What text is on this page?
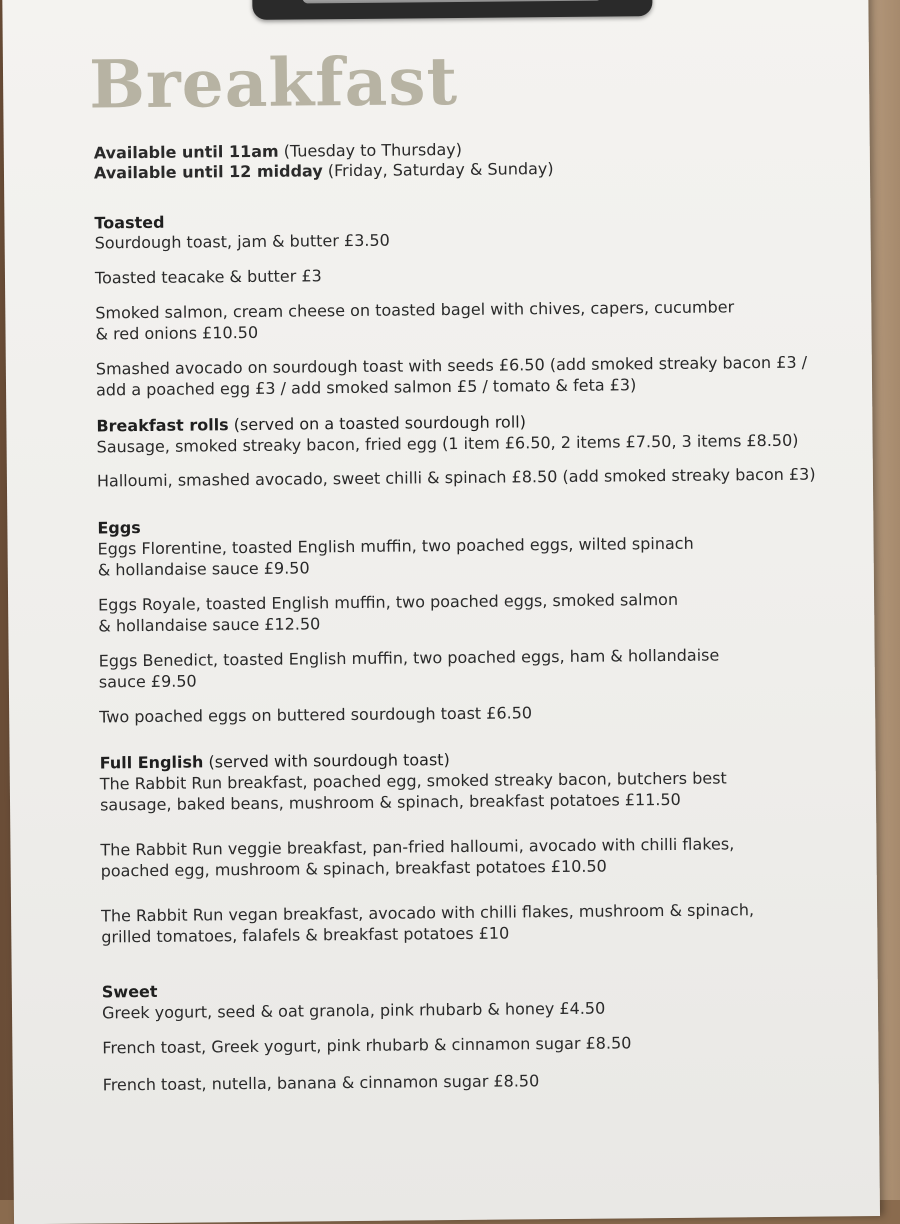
Breakfast
Available until 11am (Tuesday to Thursday)
Available until 12 midday (Friday, Saturday & Sunday)
Toasted
Sourdough toast, jam & butter £3.50
Toasted teacake & butter £3
Smoked salmon, cream cheese on toasted bagel with chives, capers, cucumber
& red onions £10.50
Smashed avocado on sourdough toast with seeds £6.50 (add smoked streaky bacon £3 /
add a poached egg £3 / add smoked salmon £5 / tomato & feta £3)
Breakfast rolls (served on a toasted sourdough roll)
Sausage, smoked streaky bacon, fried egg (1 item £6.50, 2 items £7.50, 3 items £8.50)
Halloumi, smashed avocado, sweet chilli & spinach £8.50 (add smoked streaky bacon £3)
Eggs
Eggs Florentine, toasted English muffin, two poached eggs, wilted spinach
& hollandaise sauce £9.50
Eggs Royale, toasted English muffin, two poached eggs, smoked salmon
& hollandaise sauce £12.50
Eggs Benedict, toasted English muffin, two poached eggs, ham & hollandaise
sauce £9.50
Two poached eggs on buttered sourdough toast £6.50
Full English (served with sourdough toast)
The Rabbit Run breakfast, poached egg, smoked streaky bacon, butchers best
sausage, baked beans, mushroom & spinach, breakfast potatoes £11.50
The Rabbit Run veggie breakfast, pan-fried halloumi, avocado with chilli flakes,
poached egg, mushroom & spinach, breakfast potatoes £10.50
The Rabbit Run vegan breakfast, avocado with chilli flakes, mushroom & spinach,
grilled tomatoes, falafels & breakfast potatoes £10
Sweet
Greek yogurt, seed & oat granola, pink rhubarb & honey £4.50
French toast, Greek yogurt, pink rhubarb & cinnamon sugar £8.50
French toast, nutella, banana & cinnamon sugar £8.50
